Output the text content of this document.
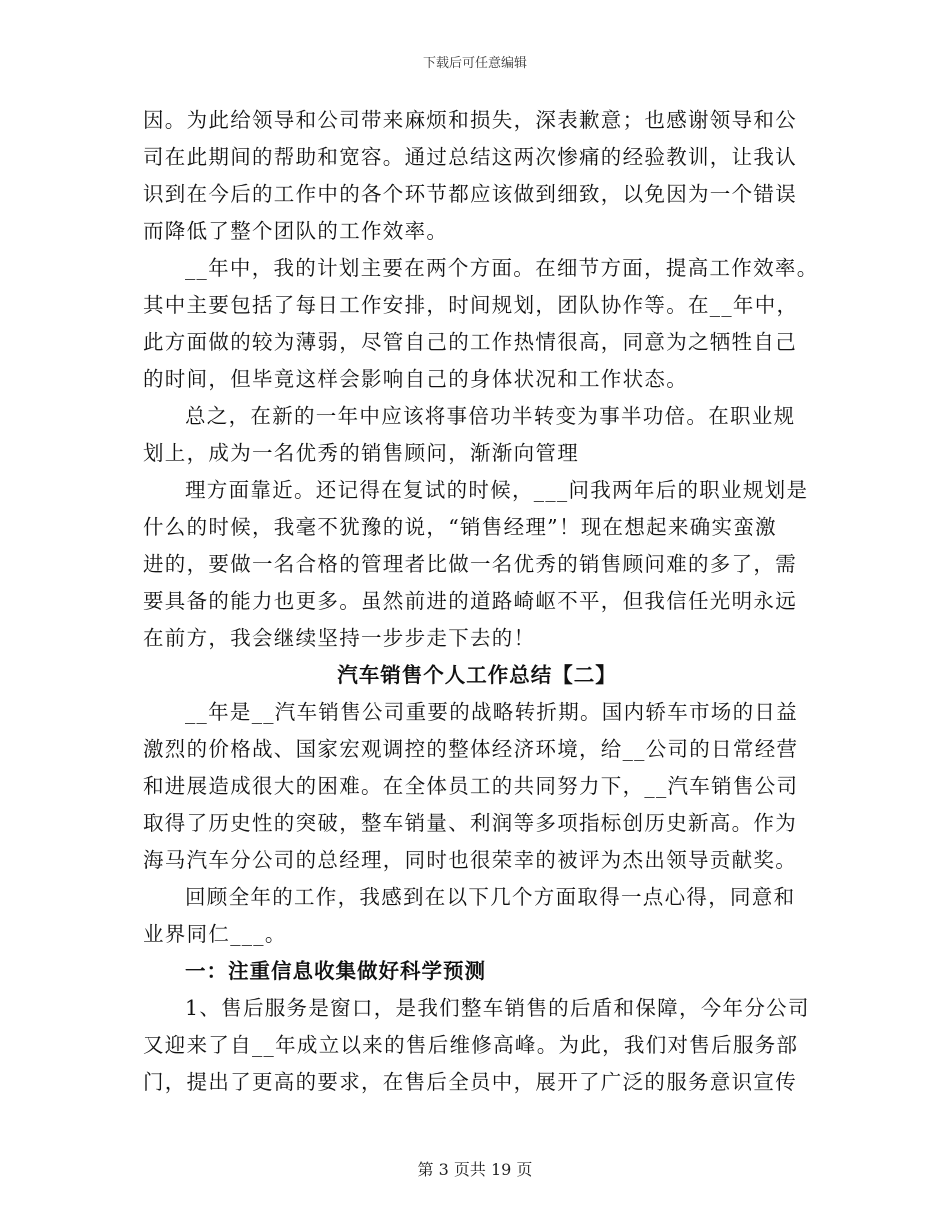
下载后可任意编辑
因。为此给领导和公司带来麻烦和损失，深表歉意；也感谢领导和公
司在此期间的帮助和宽容。通过总结这两次惨痛的经验教训，让我认
识到在今后的工作中的各个环节都应该做到细致，以免因为一个错误
而降低了整个团队的工作效率。
__年中，我的计划主要在两个方面。在细节方面，提高工作效率。
其中主要包括了每日工作安排，时间规划，团队协作等。在__年中，
此方面做的较为薄弱，尽管自己的工作热情很高，同意为之牺牲自己
的时间，但毕竟这样会影响自己的身体状况和工作状态。
总之，在新的一年中应该将事倍功半转变为事半功倍。在职业规
划上，成为一名优秀的销售顾问，渐渐向管理
理方面靠近。还记得在复试的时候，___问我两年后的职业规划是
什么的时候，我毫不犹豫的说，“销售经理”！现在想起来确实蛮激
进的，要做一名合格的管理者比做一名优秀的销售顾问难的多了，需
要具备的能力也更多。虽然前进的道路崎岖不平，但我信任光明永远
在前方，我会继续坚持一步步走下去的！
汽车销售个人工作总结【二】
__年是__汽车销售公司重要的战略转折期。国内轿车市场的日益
激烈的价格战、国家宏观调控的整体经济环境，给__公司的日常经营
和进展造成很大的困难。在全体员工的共同努力下，__汽车销售公司
取得了历史性的突破，整车销量、利润等多项指标创历史新高。作为
海马汽车分公司的总经理，同时也很荣幸的被评为杰出领导贡献奖。
回顾全年的工作，我感到在以下几个方面取得一点心得，同意和
业界同仁___。
一：注重信息收集做好科学预测
1、售后服务是窗口，是我们整车销售的后盾和保障，今年分公司
又迎来了自__年成立以来的售后维修高峰。为此，我们对售后服务部
门，提出了更高的要求，在售后全员中，展开了广泛的服务意识宣传
第 3 页共 19 页
